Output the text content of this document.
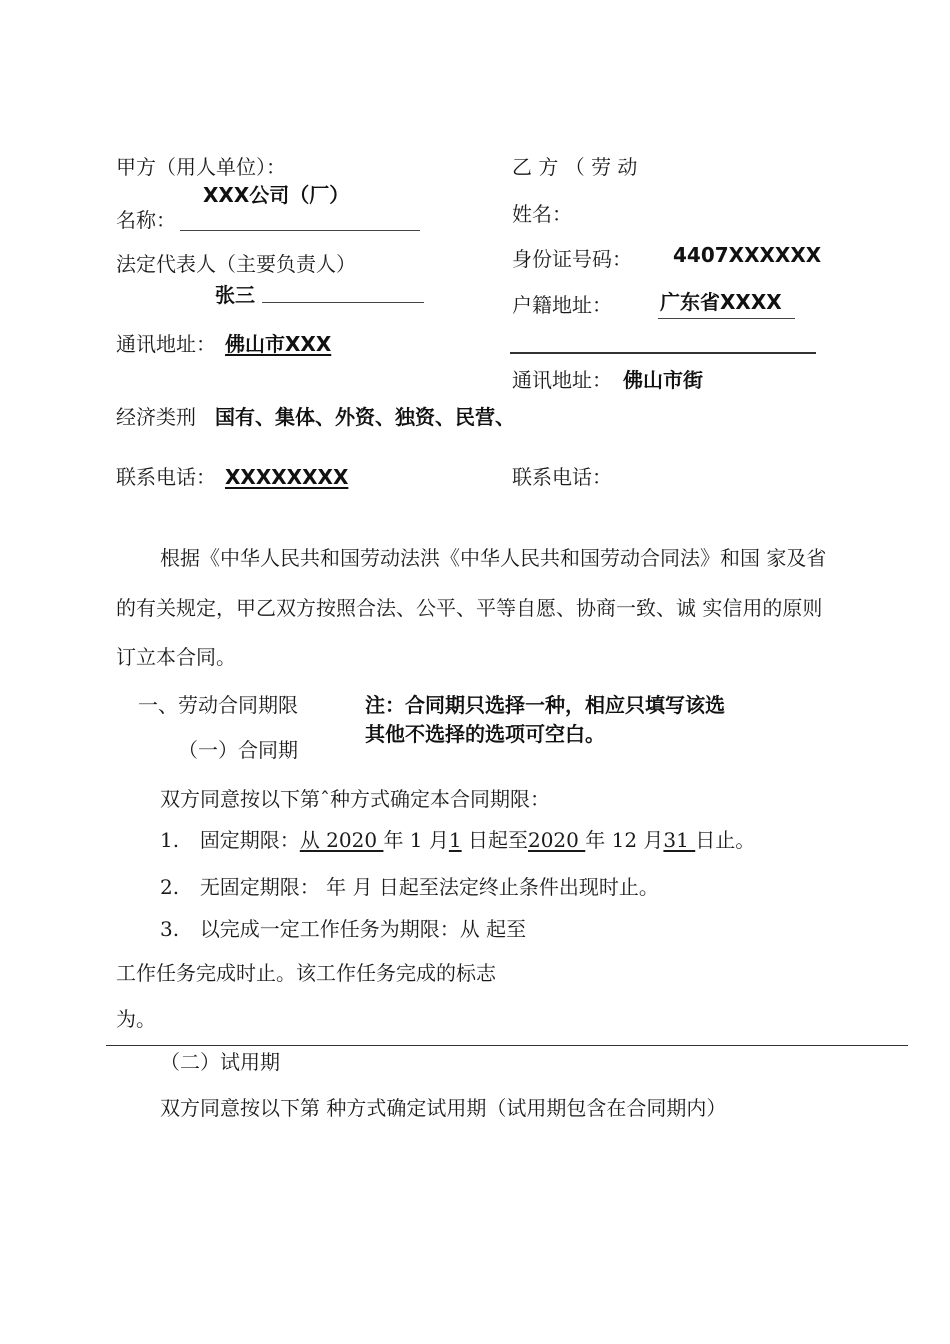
甲方（用人单位）：
XXX公司（厂）
名称：
法定代表人（主要负责人）
张三
通讯地址： 佛山市XXX
经济类刑 国有、集体、外资、独资、民营、
联系电话： XXXXXXXX
乙 方 （ 劳 动
姓名：
身份证号码： 4407XXXXXX
户籍地址： 广东省XXXX
通讯地址： 佛山市街
联系电话：
根据《中华人民共和国劳动法洪《中华人民共和国劳动合同法》和国 家及省
的有关规定，甲乙双方按照合法、公平、平等自愿、协商一致、诚 实信用的原则
订立本合同。
一、劳动合同期限	注：合同期只选择一种，相应只填写该选
其他不选择的选项可空白。
（一）合同期
双方同意按以下第ˆ种方式确定本合同期限：
1. 固定期限：从 2020 年 1 月1 日起至2020 年 12 月31 日止。
2. 无固定期限： 年 月 日起至法定终止条件出现时止。
3. 以完成一定工作任务为期限：从 起至
工作任务完成时止。该工作任务完成的标志
为。
（二）试用期
双方同意按以下第 种方式确定试用期（试用期包含在合同期内）
